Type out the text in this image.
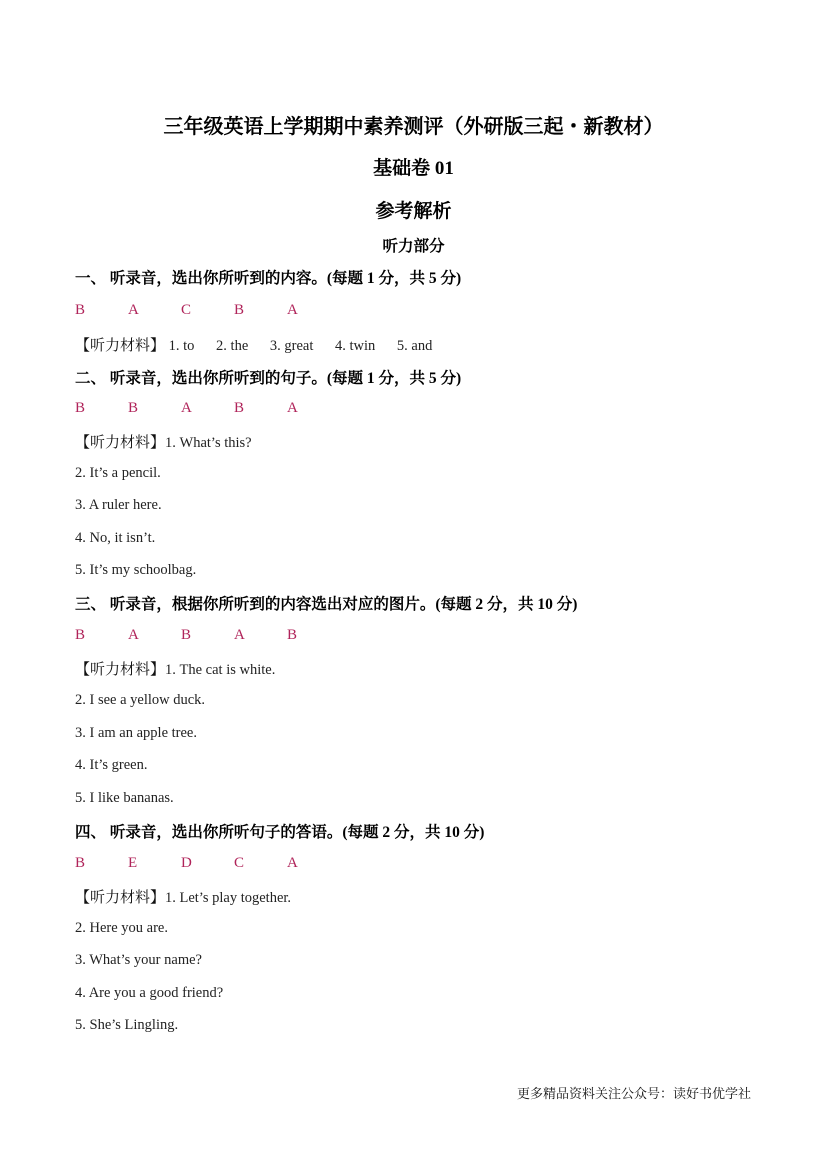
三年级英语上学期期中素养测评（外研版三起・新教材）
基础卷 01
参考解析
听力部分
一、 听录音，选出你所听到的内容。(每题 1 分，共 5 分)
B	A	C	B	A
【听力材料】 1. to 2. the 3. great 4. twin 5. and
二、 听录音，选出你所听到的句子。(每题 1 分，共 5 分)
B	B	A	B	A
【听力材料】1. What’s this?
2. It’s a pencil.
3. A ruler here.
4. No, it isn’t.
5. It’s my schoolbag.
三、 听录音，根据你所听到的内容选出对应的图片。(每题 2 分，共 10 分)
B	A	B	A	B
【听力材料】1. The cat is white.
2. I see a yellow duck.
3. I am an apple tree.
4. It’s green.
5. I like bananas.
四、 听录音，选出你所听句子的答语。(每题 2 分，共 10 分)
B	E	D	C	A
【听力材料】1. Let’s play together.
2. Here you are.
3. What’s your name?
4. Are you a good friend?
5. She’s Lingling.
更多精品资料关注公众号：读好书优学社
